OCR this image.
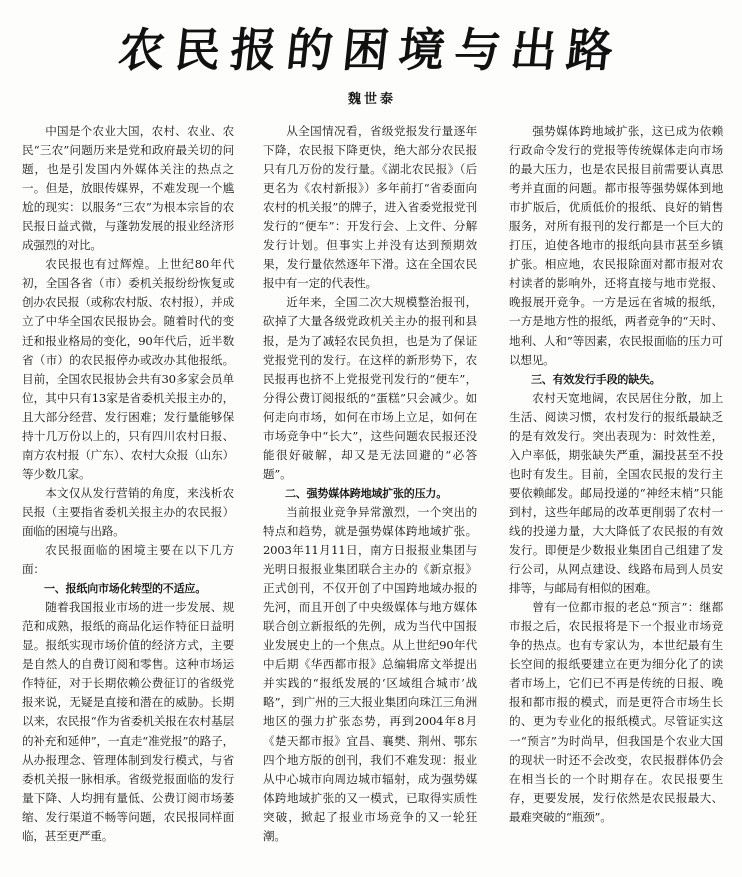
农民报的困境与出路
魏世泰

中国是个农业大国，农村、农业、农民“三农”问题历来是党和政府最关切的问题，也是引发国内外媒体关注的热点之一。但是，放眼传媒界，不难发现一个尴尬的现实：以服务“三农”为根本宗旨的农民报日益式微，与蓬勃发展的报业经济形成强烈的对比。

农民报也有过辉煌。上世纪80年代初，全国各省（市）委机关报纷纷恢复或创办农民报（或称农村版、农村报），并成立了中华全国农民报协会。随着时代的变迁和报业格局的变化，90年代后，近半数省（市）的农民报停办或改办其他报纸。目前，全国农民报协会共有30多家会员单位，其中只有13家是省委机关报主办的，且大部分经营、发行困难；发行量能够保持十几万份以上的，只有四川农村日报、南方农村报（广东）、农村大众报（山东）等少数几家。

本文仅从发行营销的角度，来浅析农民报（主要指省委机关报主办的农民报）面临的困境与出路。

农民报面临的困境主要在以下几方面：

一、报纸向市场化转型的不适应。

随着我国报业市场的进一步发展、规范和成熟，报纸的商品化运作特征日益明显。报纸实现市场价值的经济方式，主要是自然人的自费订阅和零售。这种市场运作特征，对于长期依赖公费征订的省级党报来说，无疑是直接和潜在的威胁。长期以来，农民报“作为省委机关报在农村基层的补充和延伸”，一直走“准党报”的路子，从办报理念、管理体制到发行模式，与省委机关报一脉相承。省级党报面临的发行量下降、人均拥有量低、公费订阅市场萎缩、发行渠道不畅等问题，农民报同样面临，甚至更严重。

从全国情况看，省级党报发行量逐年下降，农民报下降更快，绝大部分农民报只有几万份的发行量。《湖北农民报》（后更名为《农村新报》）多年前打“省委面向农村的机关报”的牌子，进入省委党报党刊发行的“便车”：开发行会、上文件、分解发行计划。但事实上并没有达到预期效果，发行量依然逐年下滑。这在全国农民报中有一定的代表性。

近年来，全国二次大规模整治报刊，砍掉了大量各级党政机关主办的报刊和县报，是为了减轻农民负担，也是为了保证党报党刊的发行。在这样的新形势下，农民报再也挤不上党报党刊发行的“便车”，分得公费订阅报纸的“蛋糕”只会减少。如何走向市场，如何在市场上立足，如何在市场竞争中“长大”，这些问题农民报还没能很好破解，却又是无法回避的“必答题”。

二、强势媒体跨地域扩张的压力。

当前报业竞争异常激烈，一个突出的特点和趋势，就是强势媒体跨地域扩张。2003年11月11日，南方日报报业集团与光明日报报业集团联合主办的《新京报》正式创刊，不仅开创了中国跨地域办报的先河，而且开创了中央级媒体与地方媒体联合创立新报纸的先例，成为当代中国报业发展史上的一个焦点。从上世纪90年代中后期《华西都市报》总编辑席文举提出并实践的“报纸发展的‘区域组合城市’战略”，到广州的三大报业集团向珠江三角洲地区的强力扩张态势，再到2004年8月《楚天都市报》宜昌、襄樊、荆州、鄂东四个地方版的创刊，我们不难发现：报业从中心城市向周边城市辐射，成为强势媒体跨地域扩张的又一模式，已取得实质性突破，掀起了报业市场竞争的又一轮狂潮。

强势媒体跨地域扩张，这已成为依赖行政命令发行的党报等传统媒体走向市场的最大压力，也是农民报目前需要认真思考并直面的问题。都市报等强势媒体到地市扩版后，优质低价的报纸、良好的销售服务，对所有报刊的发行都是一个巨大的打压，迫使各地市的报纸向县市甚至乡镇扩张。相应地，农民报除面对都市报对农村读者的影响外，还将直接与地市党报、晚报展开竞争。一方是远在省城的报纸，一方是地方性的报纸，两者竞争的“天时、地利、人和”等因素，农民报面临的压力可以想见。

三、有效发行手段的缺失。

农村天宽地阔，农民居住分散，加上生活、阅读习惯，农村发行的报纸最缺乏的是有效发行。突出表现为：时效性差，入户率低，期张缺失严重，漏投甚至不投也时有发生。目前，全国农民报的发行主要依赖邮发。邮局投递的“神经末梢”只能到村，这些年邮局的改革更削弱了农村一线的投递力量，大大降低了农民报的有效发行。即便是少数报业集团自己组建了发行公司，从网点建设、线路布局到人员安排等，与邮局有相似的困难。

曾有一位都市报的老总“预言”：继都市报之后，农民报将是下一个报业市场竞争的热点。也有专家认为，本世纪最有生长空间的报纸要建立在更为细分化了的读者市场上，它们已不再是传统的日报、晚报和都市报的模式，而是更符合市场生长的、更为专业化的报纸模式。尽管证实这一“预言”为时尚早，但我国是个农业大国的现状一时还不会改变，农民报群体仍会在相当长的一个时期存在。农民报要生存，更要发展，发行依然是农民报最大、最难突破的“瓶颈”。
